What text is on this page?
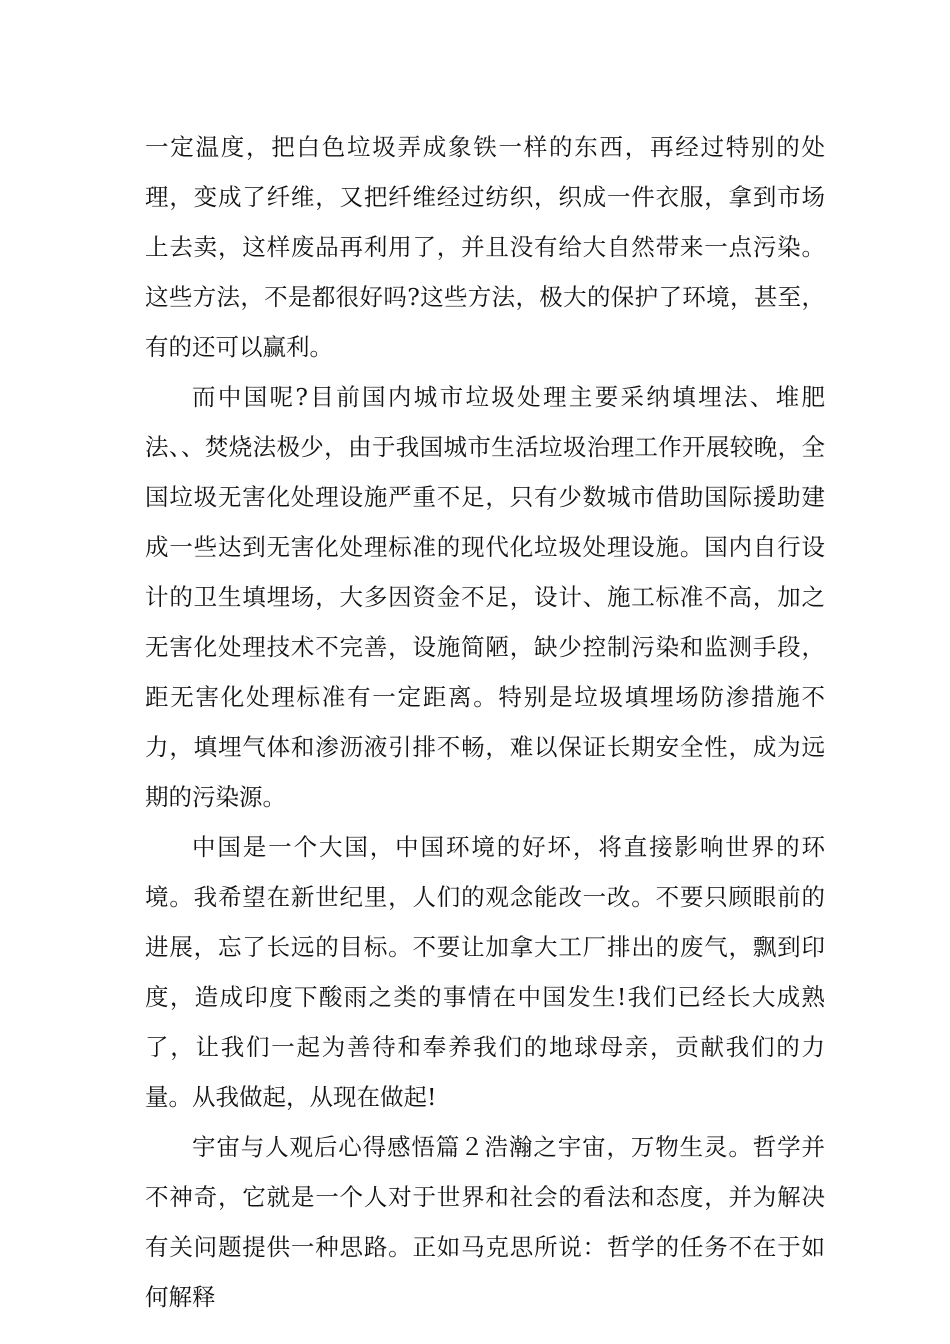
一定温度，把白色垃圾弄成象铁一样的东西，再经过特别的处理，变成了纤维，又把纤维经过纺织，织成一件衣服，拿到市场上去卖，这样废品再利用了，并且没有给大自然带来一点污染。这些方法，不是都很好吗?这些方法，极大的保护了环境，甚至，有的还可以赢利。

而中国呢?目前国内城市垃圾处理主要采纳填埋法、堆肥法、、焚烧法极少，由于我国城市生活垃圾治理工作开展较晚，全国垃圾无害化处理设施严重不足，只有少数城市借助国际援助建成一些达到无害化处理标准的现代化垃圾处理设施。国内自行设计的卫生填埋场，大多因资金不足，设计、施工标准不高，加之无害化处理技术不完善，设施简陋，缺少控制污染和监测手段，距无害化处理标准有一定距离。特别是垃圾填埋场防渗措施不力，填埋气体和渗沥液引排不畅，难以保证长期安全性，成为远期的污染源。

中国是一个大国，中国环境的好坏，将直接影响世界的环境。我希望在新世纪里，人们的观念能改一改。不要只顾眼前的进展，忘了长远的目标。不要让加拿大工厂排出的废气，飘到印度，造成印度下酸雨之类的事情在中国发生!我们已经长大成熟了，让我们一起为善待和奉养我们的地球母亲，贡献我们的力量。从我做起，从现在做起!

宇宙与人观后心得感悟篇２浩瀚之宇宙，万物生灵。哲学并不神奇，它就是一个人对于世界和社会的看法和态度，并为解决有关问题提供一种思路。正如马克思所说：哲学的任务不在于如何解释
